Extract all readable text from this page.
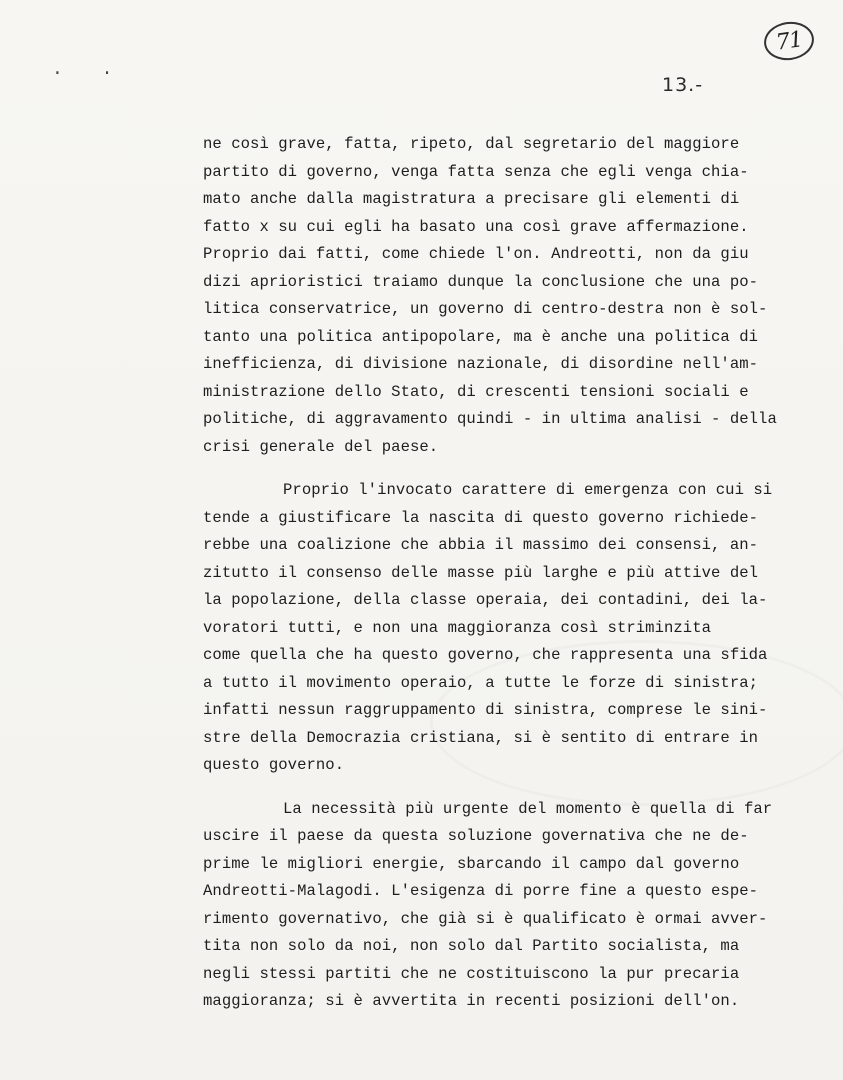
. .
71
13.-
ne così grave, fatta, ripeto, dal segretario del maggiore
partito di governo, venga fatta senza che egli venga chia-
mato anche dalla magistratura a precisare gli elementi di
fatto x su cui egli ha basato una così grave affermazione.
Proprio dai fatti, come chiede l'on. Andreotti, non da giu
dizi aprioristici traiamo dunque la conclusione che una po-
litica conservatrice, un governo di centro-destra non è sol-
tanto una politica antipopolare, ma è anche una politica di
inefficienza, di divisione nazionale, di disordine nell'am-
ministrazione dello Stato, di crescenti tensioni sociali e
politiche, di aggravamento quindi - in ultima analisi - della
crisi generale del paese.
Proprio l'invocato carattere di emergenza con cui si
tende a giustificare la nascita di questo governo richiede-
rebbe una coalizione che abbia il massimo dei consensi, an-
zitutto il consenso delle masse più larghe e più attive del
la popolazione, della classe operaia, dei contadini, dei la-
voratori tutti, e non una maggioranza così striminzita
come quella che ha questo governo, che rappresenta una sfida
a tutto il movimento operaio, a tutte le forze di sinistra;
infatti nessun raggruppamento di sinistra, comprese le sini-
stre della Democrazia cristiana, si è sentito di entrare in
questo governo.
La necessità più urgente del momento è quella di far
uscire il paese da questa soluzione governativa che ne de-
prime le migliori energie, sbarcando il campo dal governo
Andreotti-Malagodi. L'esigenza di porre fine a questo espe-
rimento governativo, che già si è qualificato è ormai avver-
tita non solo da noi, non solo dal Partito socialista, ma
negli stessi partiti che ne costituiscono la pur precaria
maggioranza; si è avvertita in recenti posizioni dell'on.
